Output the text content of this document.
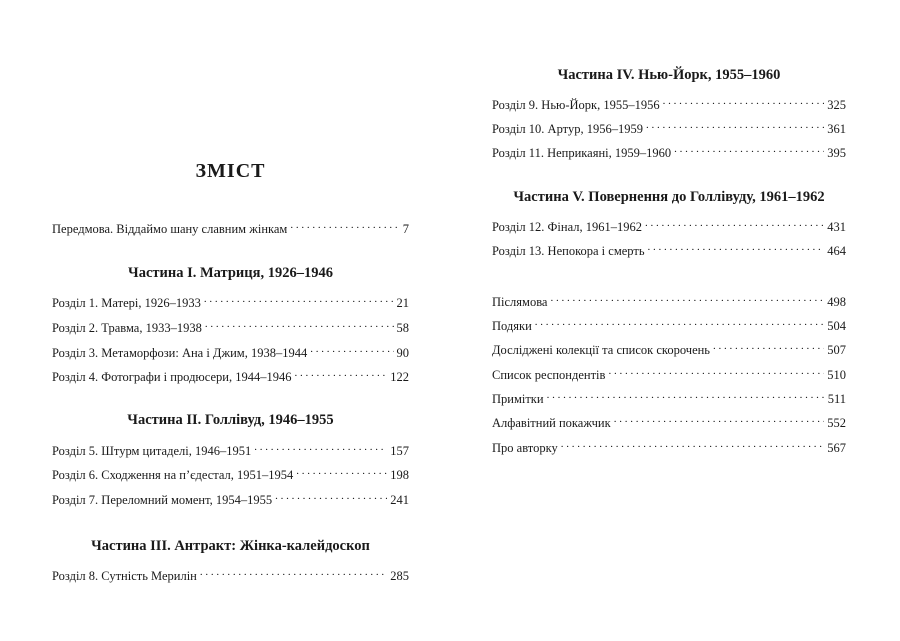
ЗМІСТ
Передмова. Віддаймо шану славним жінкам . . .	7
Частина I. Матриця, 1926–1946
Розділ 1. Матері, 1926–1933 . . .	21
Розділ 2. Травма, 1933–1938 . . .	58
Розділ 3. Метаморфози: Ана і Джим, 1938–1944 . . .	90
Розділ 4. Фотографи і продюсери, 1944–1946 . . .	122
Частина II. Голлівуд, 1946–1955
Розділ 5. Штурм цитаделі, 1946–1951 . . .	157
Розділ 6. Сходження на п’єдестал, 1951–1954 . . .	198
Розділ 7. Переломний момент, 1954–1955 . . .	241
Частина III. Антракт: Жінка-калейдоскоп
Розділ 8. Сутність Мерилін . . .	285
Частина IV. Нью-Йорк, 1955–1960
Розділ 9. Нью-Йорк, 1955–1956 . . .	325
Розділ 10. Артур, 1956–1959 . . .	361
Розділ 11. Неприкаяні, 1959–1960 . . .	395
Частина V. Повернення до Голлівуду, 1961–1962
Розділ 12. Фінал, 1961–1962 . . .	431
Розділ 13. Непокора і смерть . . .	464
Післямова . . .	498
Подяки . . .	504
Досліджені колекції та список скорочень . . .	507
Список респондентів . . .	510
Примітки . . .	511
Алфавітний покажчик . . .	552
Про авторку . . .	567
